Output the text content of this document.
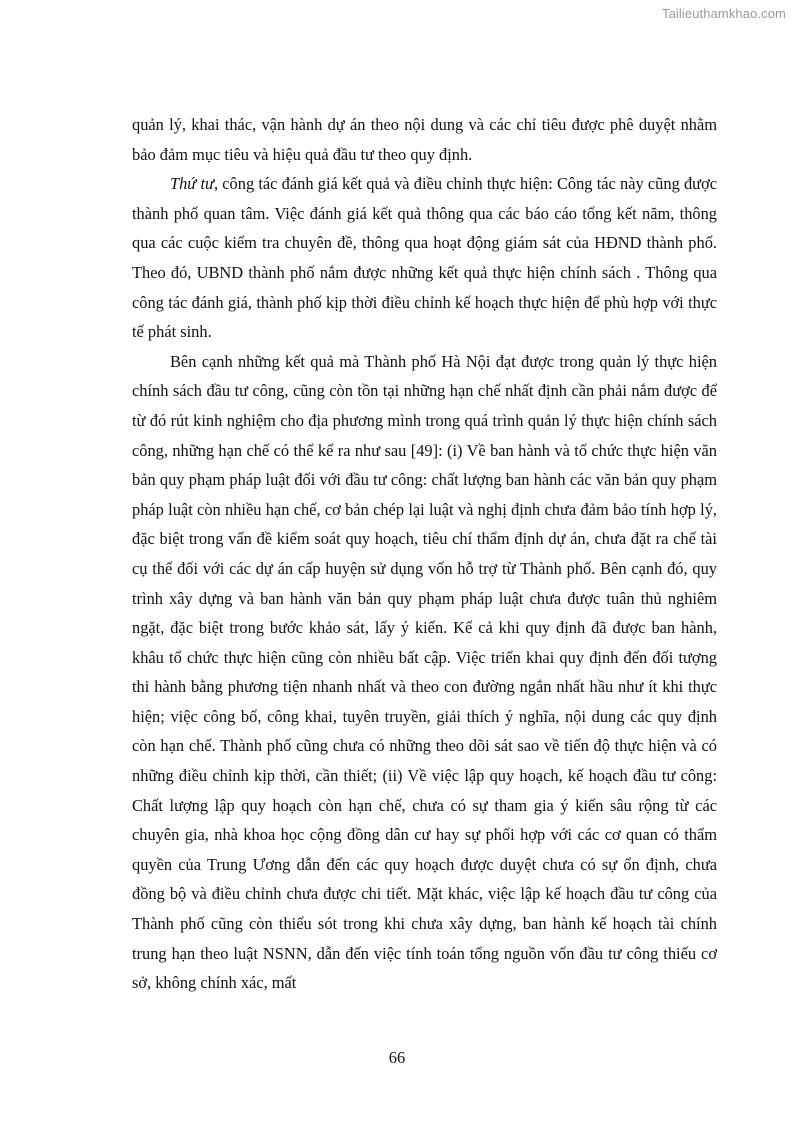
Tailieuthamkhao.com

quản lý, khai thác, vận hành dự án theo nội dung và các chỉ tiêu được phê duyệt nhằm bảo đảm mục tiêu và hiệu quả đầu tư theo quy định.

Thứ tư, công tác đánh giá kết quả và điều chỉnh thực hiện: Công tác này cũng được thành phố quan tâm. Việc đánh giá kết quả thông qua các báo cáo tổng kết năm, thông qua các cuộc kiểm tra chuyên đề, thông qua hoạt động giám sát của HĐND thành phố. Theo đó, UBND thành phố nắm được những kết quả thực hiện chính sách . Thông qua công tác đánh giá, thành phố kịp thời điều chỉnh kế hoạch thực hiện để phù hợp với thực tế phát sinh.

Bên cạnh những kết quả mà Thành phố Hà Nội đạt được trong quản lý thực hiện chính sách đầu tư công, cũng còn tồn tại những hạn chế nhất định cần phải nắm được để từ đó rút kinh nghiệm cho địa phương mình trong quá trình quản lý thực hiện chính sách công, những hạn chế có thể kể ra như sau [49]: (i) Về ban hành và tổ chức thực hiện văn bản quy phạm pháp luật đối với đầu tư công: chất lượng ban hành các văn bản quy phạm pháp luật còn nhiều hạn chế, cơ bản chép lại luật và nghị định chưa đảm bảo tính hợp lý, đặc biệt trong vấn đề kiểm soát quy hoạch, tiêu chí thẩm định dự án, chưa đặt ra chế tài cụ thể đối với các dự án cấp huyện sử dụng vốn hỗ trợ từ Thành phố. Bên cạnh đó, quy trình xây dựng và ban hành văn bản quy phạm pháp luật chưa được tuân thủ nghiêm ngặt, đặc biệt trong bước khảo sát, lấy ý kiến. Kể cả khi quy định đã được ban hành, khâu tổ chức thực hiện cũng còn nhiều bất cập. Việc triển khai quy định đến đối tượng thi hành bằng phương tiện nhanh nhất và theo con đường ngắn nhất hầu như ít khi thực hiện; việc công bố, công khai, tuyên truyền, giải thích ý nghĩa, nội dung các quy định còn hạn chế. Thành phố cũng chưa có những theo dõi sát sao về tiến độ thực hiện và có những điều chỉnh kịp thời, cần thiết; (ii) Về việc lập quy hoạch, kế hoạch đầu tư công: Chất lượng lập quy hoạch còn hạn chế, chưa có sự tham gia ý kiến sâu rộng từ các chuyên gia, nhà khoa học cộng đồng dân cư hay sự phối hợp với các cơ quan có thẩm quyền của Trung Ương dẫn đến các quy hoạch được duyệt chưa có sự ổn định, chưa đồng bộ và điều chỉnh chưa được chi tiết. Mặt khác, việc lập kế hoạch đầu tư công của Thành phố cũng còn thiếu sót trong khi chưa xây dựng, ban hành kế hoạch tài chính trung hạn theo luật NSNN, dẫn đến việc tính toán tổng nguồn vốn đầu tư công thiếu cơ sở, không chính xác, mất

66
